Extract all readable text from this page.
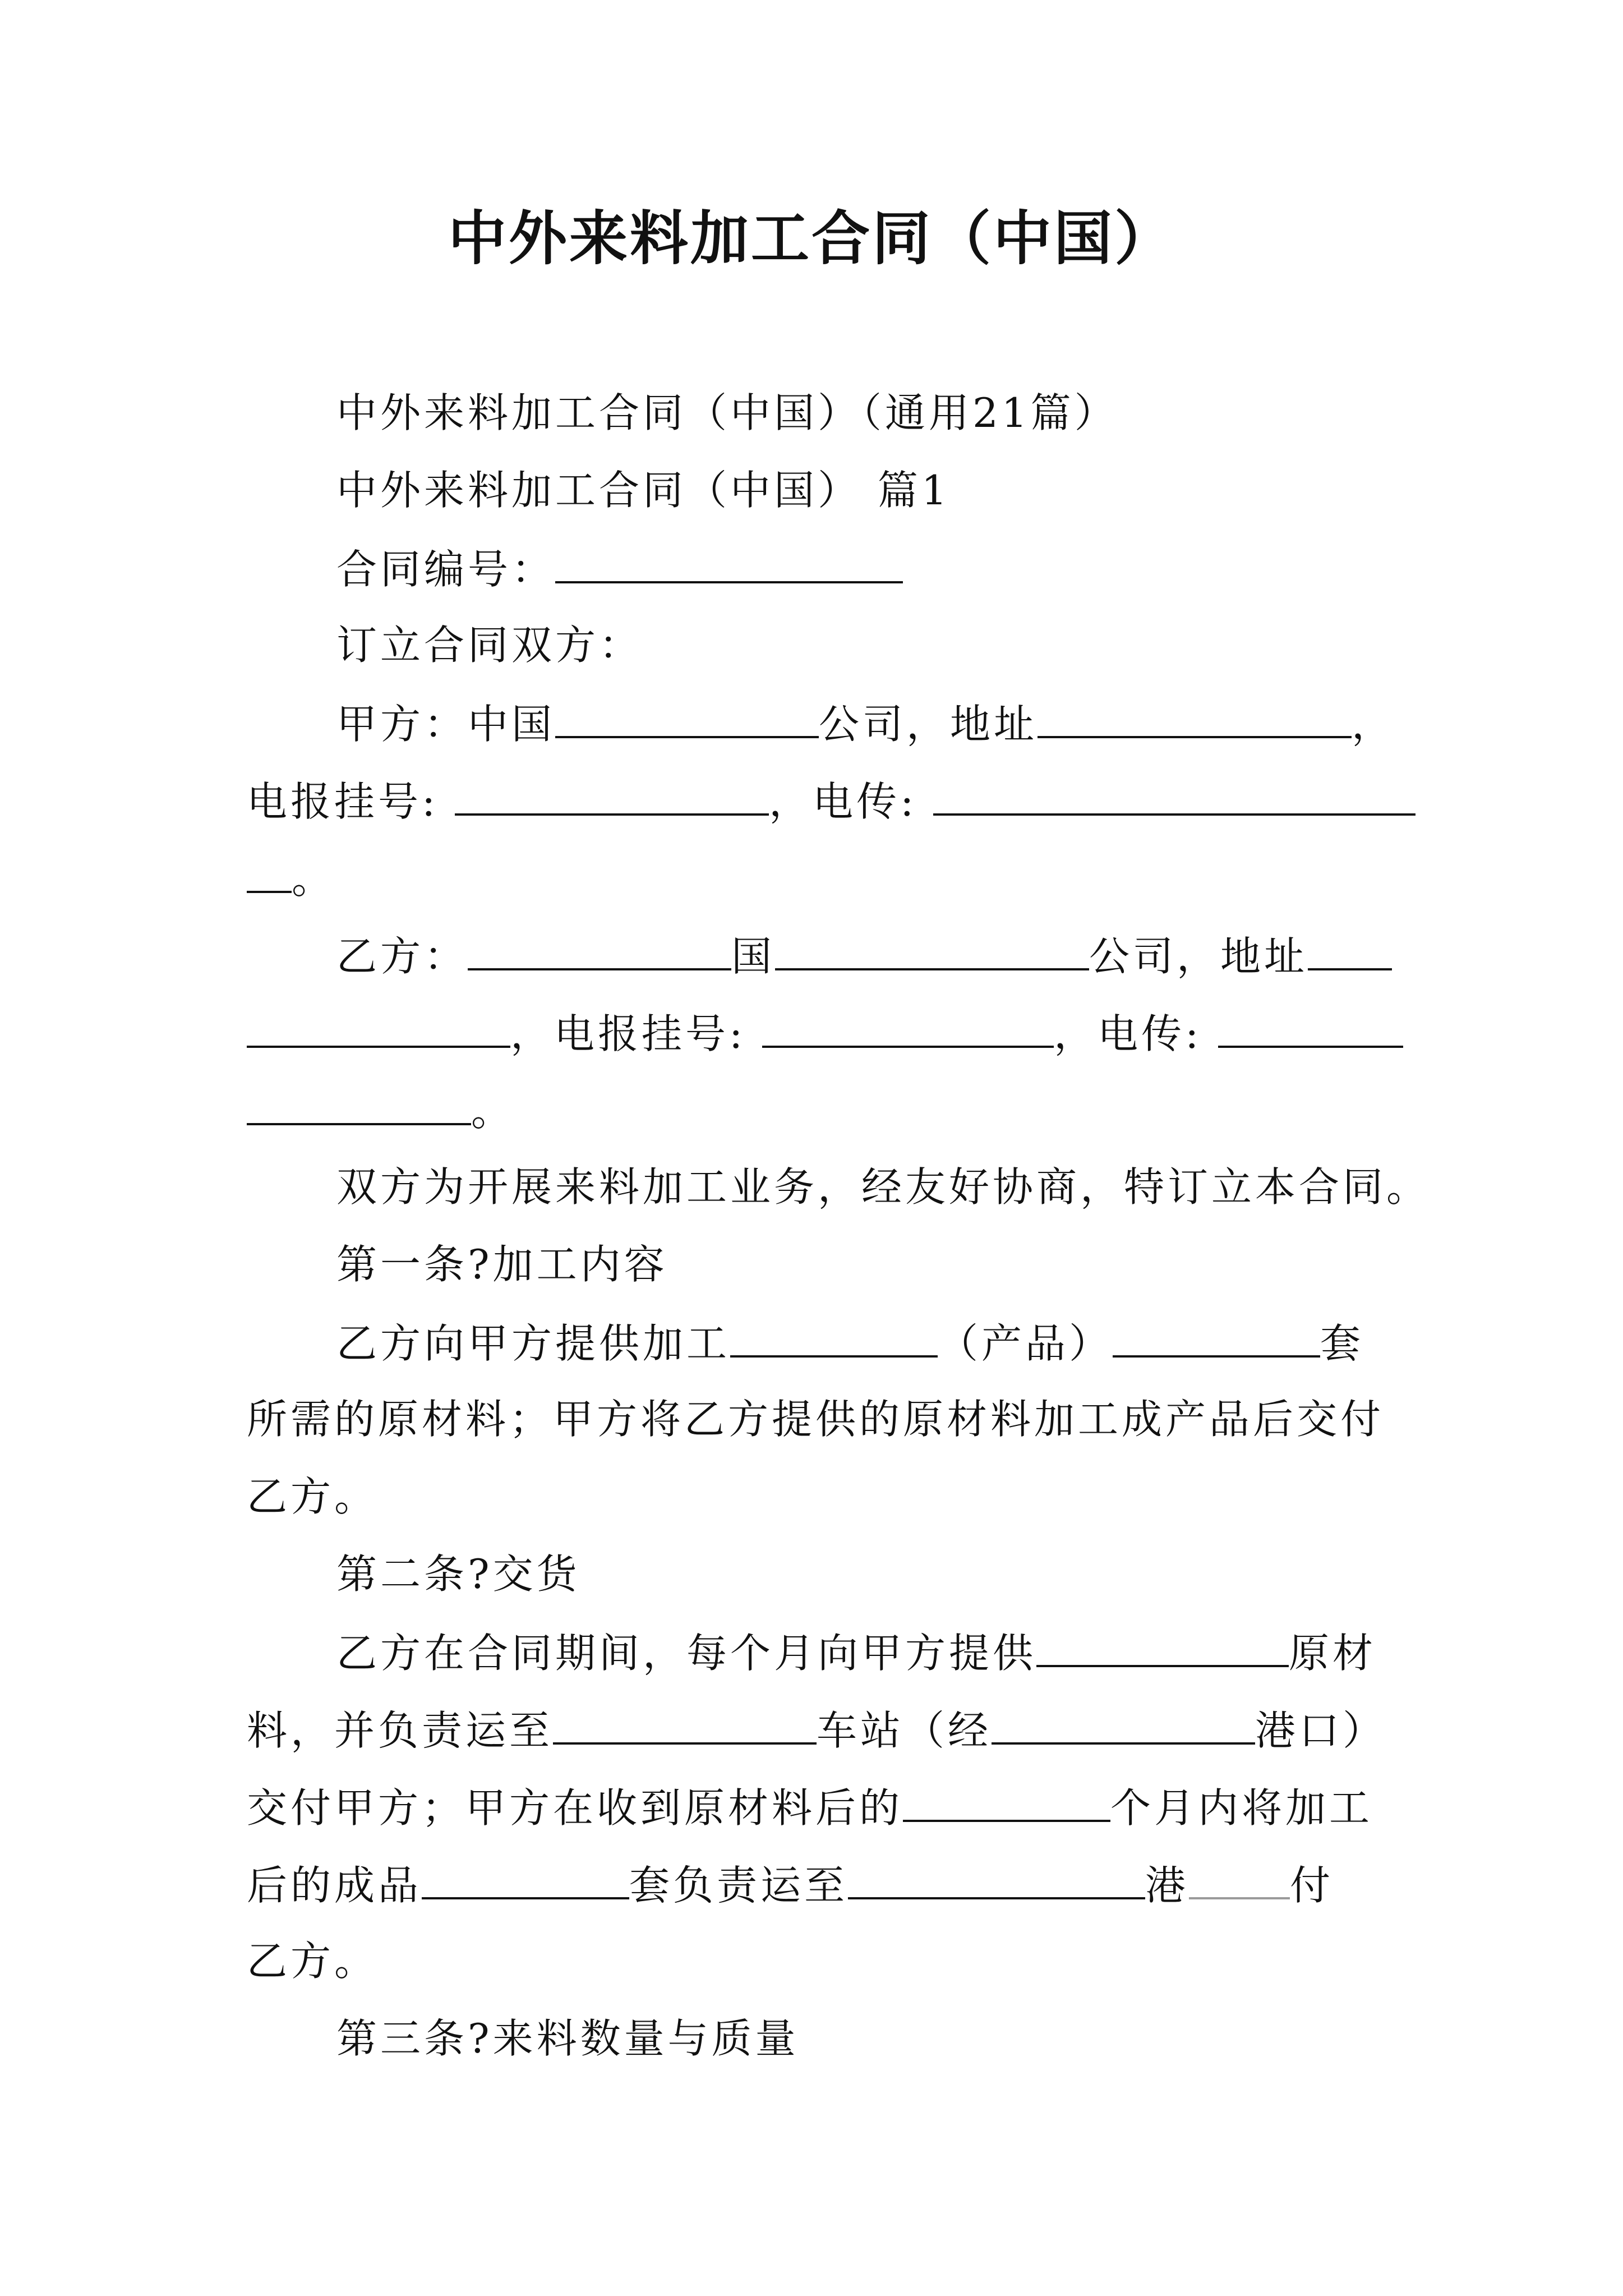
中外来料加工合同（中国）
中外来料加工合同（中国）（通用21篇）
中外来料加工合同（中国） 篇1
合同编号：
订立合同双方：
甲方：中国	公司，地址	，
电报挂号:	，电传:
。
乙方：	国	公司，地址
，电报挂号:	，电传:
。
双方为开展来料加工业务，经友好协商，特订立本合同。
第一条?加工内容
乙方向甲方提供加工	（产品）	套
所需的原材料；甲方将乙方提供的原材料加工成产品后交付
乙方。
第二条?交货
乙方在合同期间，每个月向甲方提供	原材
料，并负责运至	车站（经	港口）
交付甲方；甲方在收到原材料后的	个月内将加工
后的成品	套负责运至	港	付
乙方。
第三条?来料数量与质量
